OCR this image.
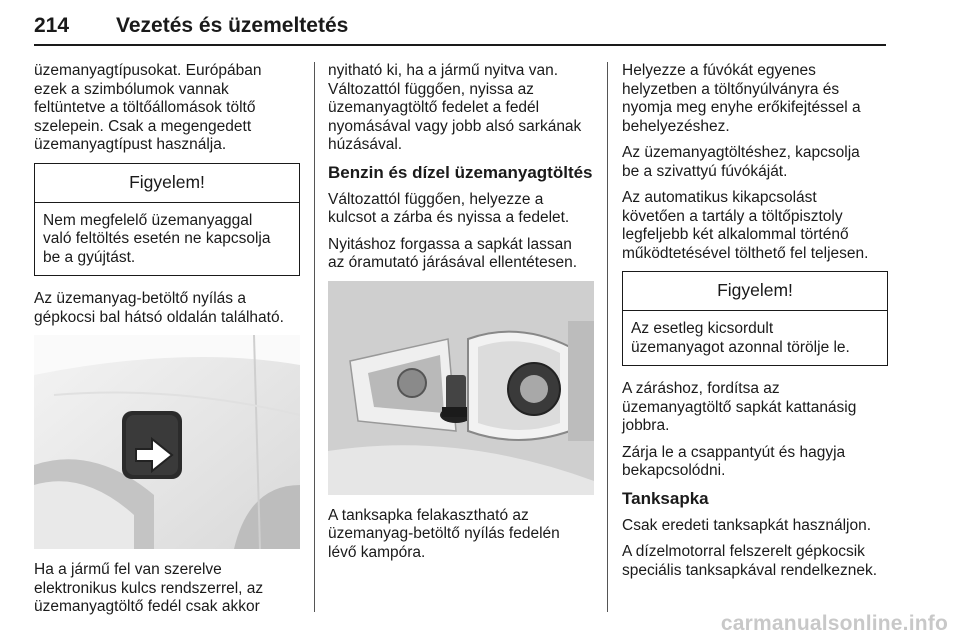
214 Vezetés és üzemeltetés

üzemanyagtípusokat. Európában
ezek a szimbólumok vannak
feltüntetve a töltőállomások töltő
szelepein. Csak a megengedett
üzemanyagtípust használja.

Figyelem!
Nem megfelelő üzemanyaggal
való feltöltés esetén ne kapcsolja
be a gyújtást.

Az üzemanyag-betöltő nyílás a
gépkocsi bal hátsó oldalán található.

Ha a jármű fel van szerelve
elektronikus kulcs rendszerrel, az
üzemanyagtöltő fedél csak akkor

nyitható ki, ha a jármű nyitva van.
Változattól függően, nyissa az
üzemanyagtöltő fedelet a fedél
nyomásával vagy jobb alsó sarkának
húzásával.

Benzin és dízel üzemanyagtöltés

Változattól függően, helyezze a
kulcsot a zárba és nyissa a fedelet.

Nyitáshoz forgassa a sapkát lassan
az óramutató járásával ellentétesen.

A tanksapka felakasztható az
üzemanyag-betöltő nyílás fedelén
lévő kampóra.

Helyezze a fúvókát egyenes
helyzetben a töltőnyúlványra és
nyomja meg enyhe erőkifejtéssel a
behelyezéshez.

Az üzemanyagtöltéshez, kapcsolja
be a szivattyú fúvókáját.

Az automatikus kikapcsolást
követően a tartály a töltőpisztoly
legfeljebb két alkalommal történő
működtetésével tölthető fel teljesen.

Figyelem!
Az esetleg kicsordult
üzemanyagot azonnal törölje le.

A záráshoz, fordítsa az
üzemanyagtöltő sapkát kattanásig
jobbra.

Zárja le a csappantyút és hagyja
bekapcsolódni.

Tanksapka

Csak eredeti tanksapkát használjon.

A dízelmotorral felszerelt gépkocsik
speciális tanksapkával rendelkeznek.

carmanualsonline.info
